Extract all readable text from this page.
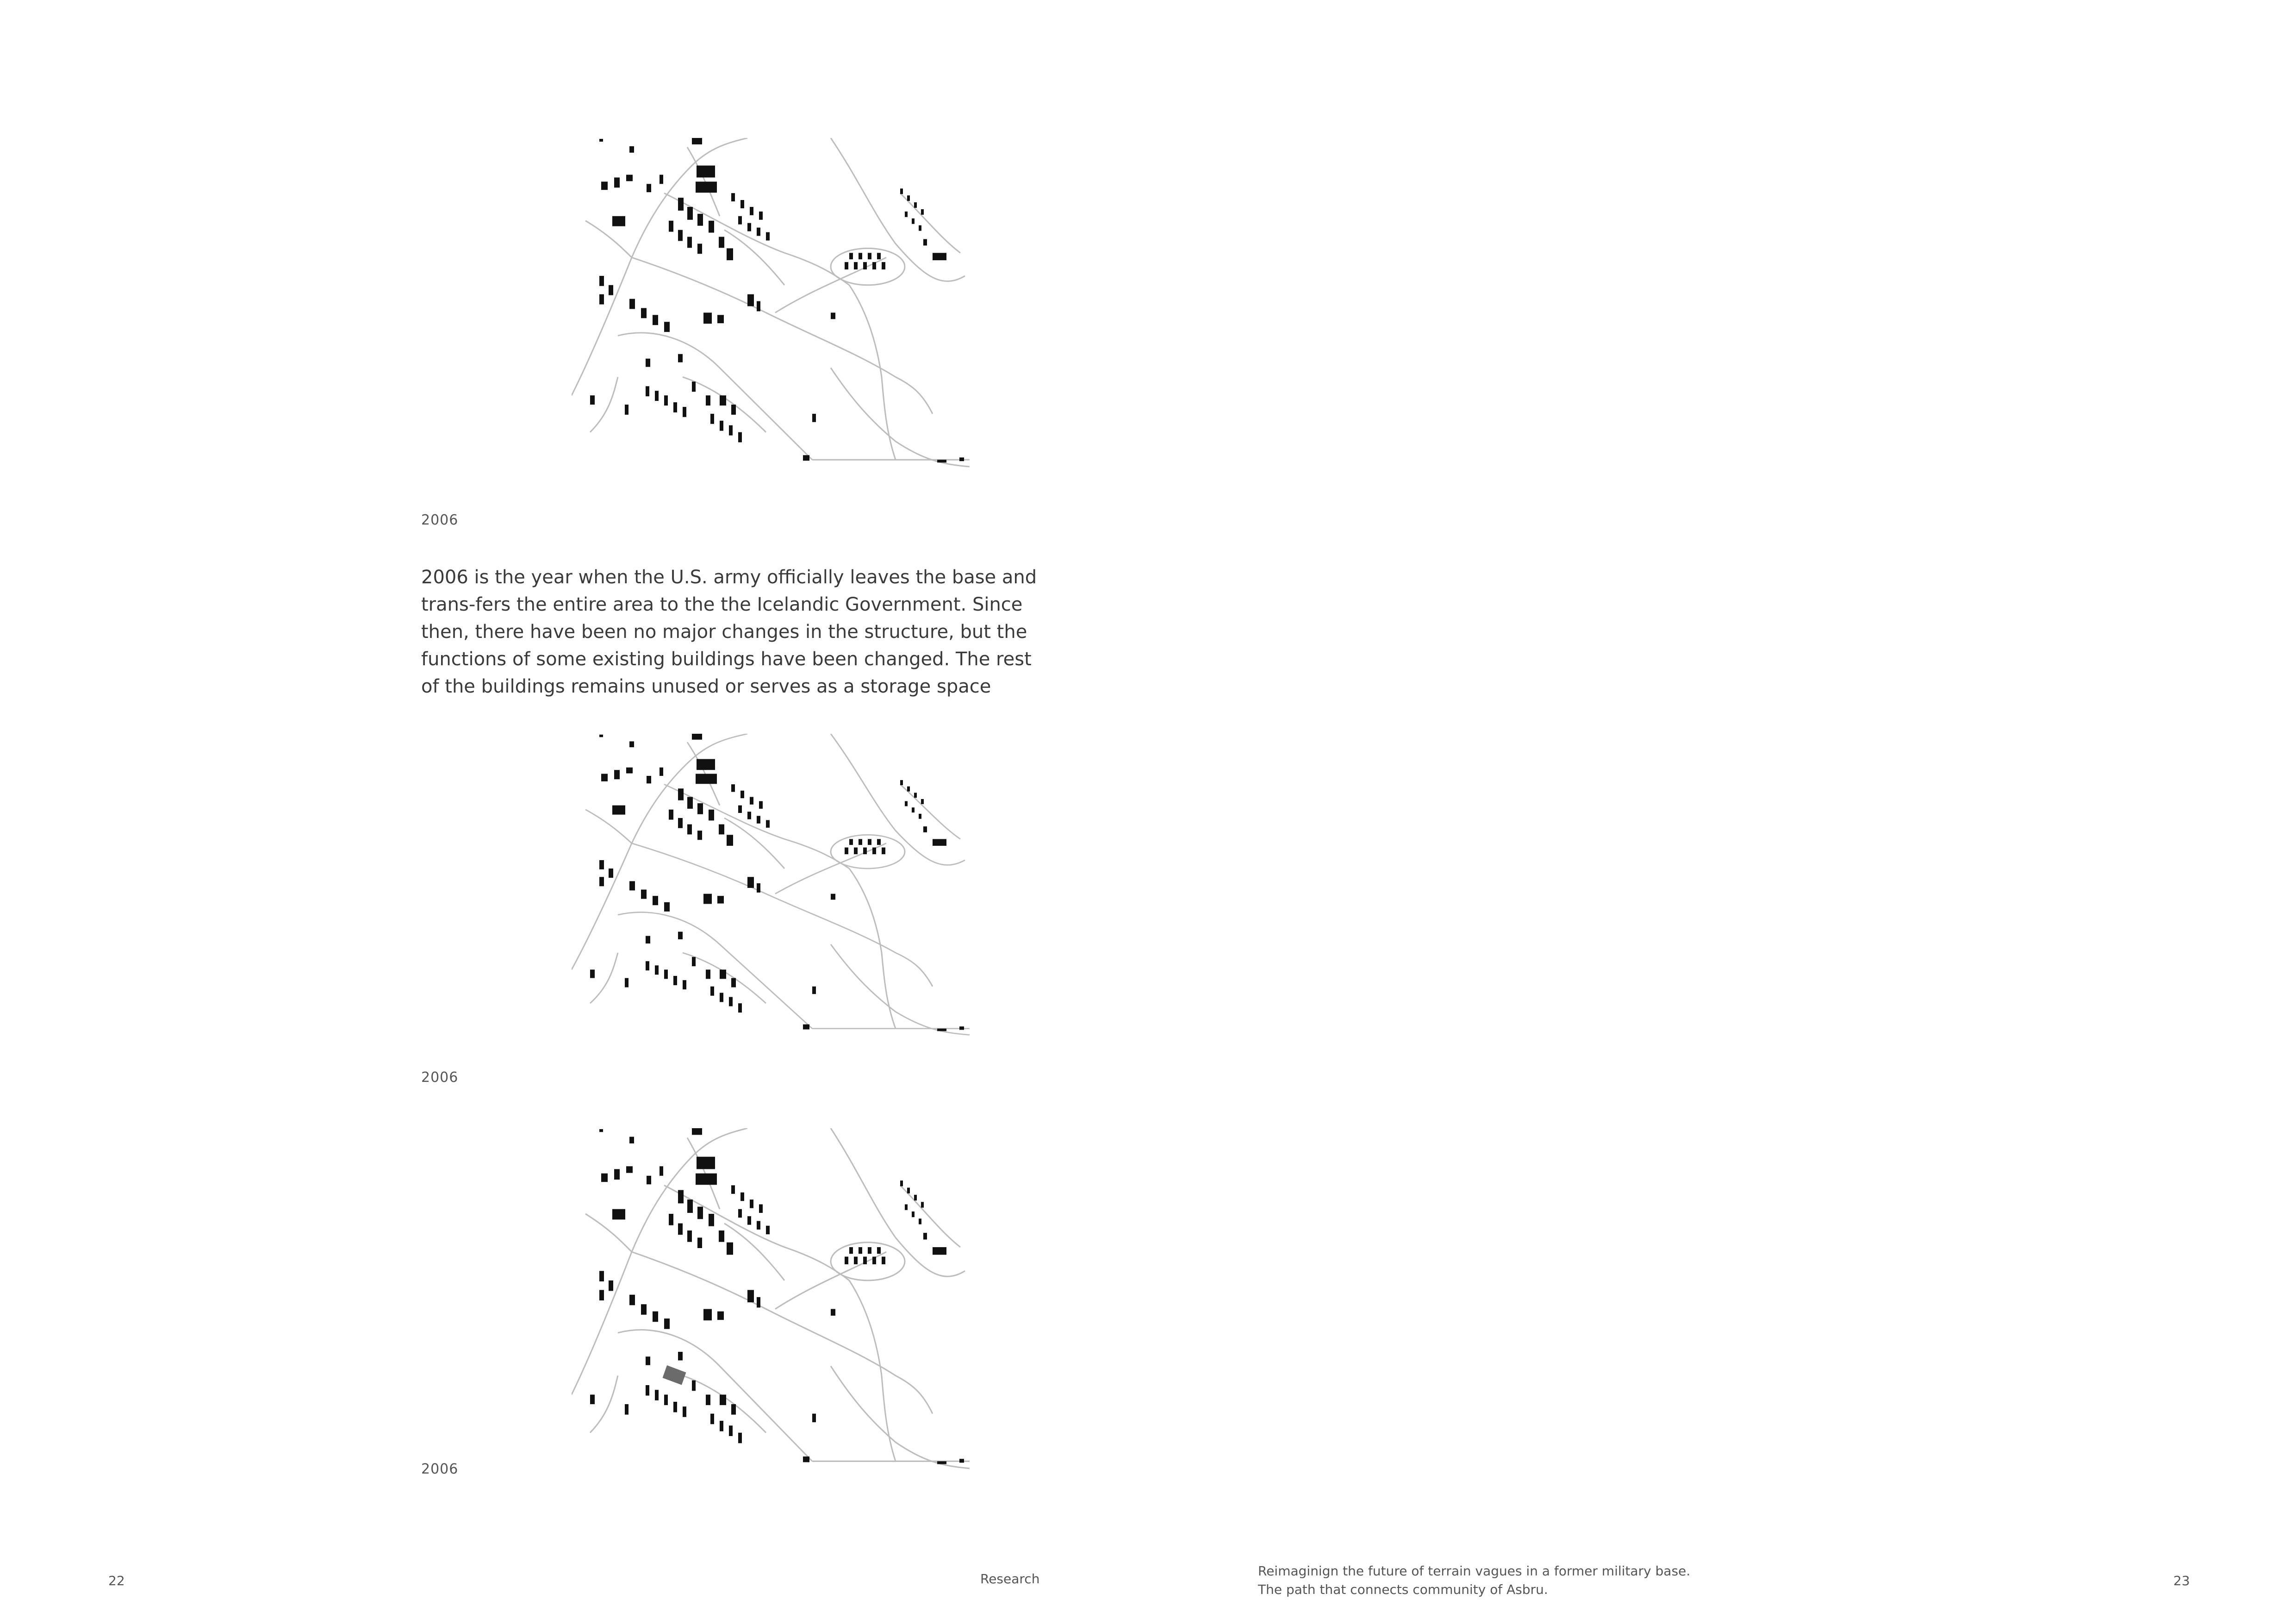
2006

2006 is the year when the U.S. army officially leaves the base and trans-fers the entire area to the the Icelandic Government. Since then, there have been no major changes in the structure, but the functions of some existing buildings have been changed. The rest of the buildings remains unused or serves as a storage space

2006
2006
22	Research
Reimaginign the future of terrain vagues in a former military base.
The path that connects community of Asbru.
23
